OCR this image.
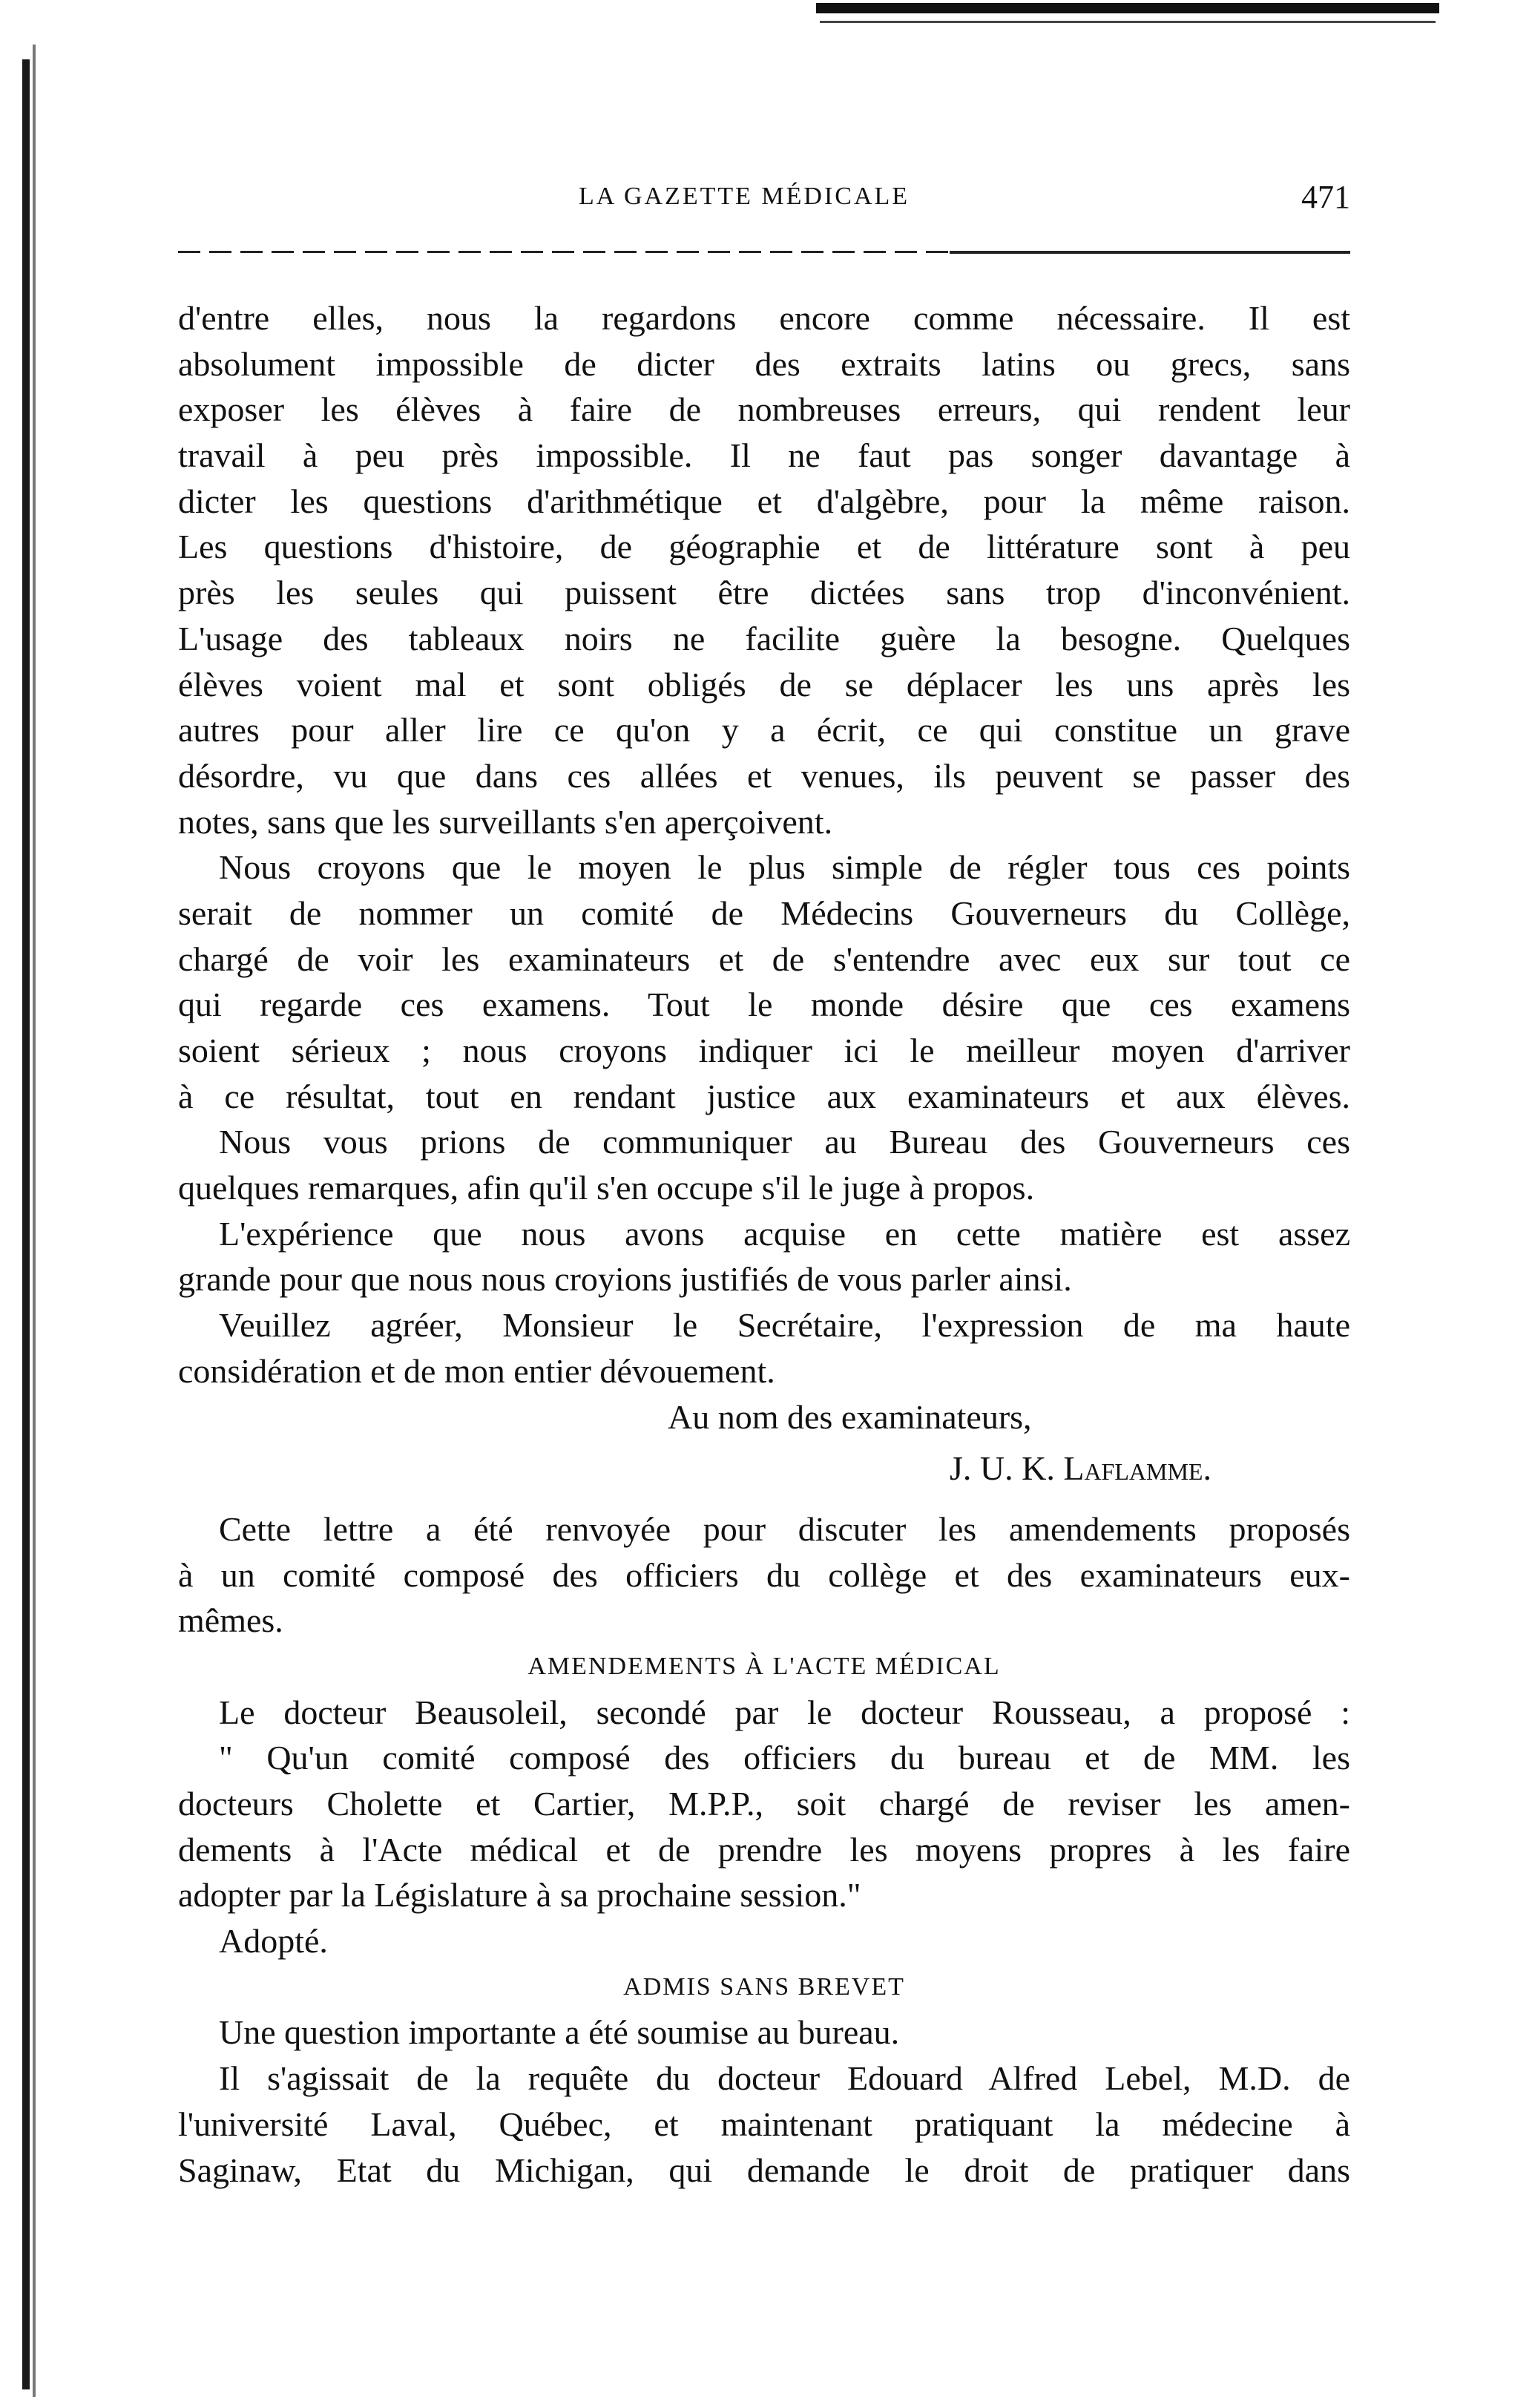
LA GAZETTE MÉDICALE	471
d'entre elles, nous la regardons encore comme nécessaire. Il est
absolument impossible de dicter des extraits latins ou grecs, sans
exposer les élèves à faire de nombreuses erreurs, qui rendent leur
travail à peu près impossible. Il ne faut pas songer davantage à
dicter les questions d'arithmétique et d'algèbre, pour la même raison.
Les questions d'histoire, de géographie et de littérature sont à peu
près les seules qui puissent être dictées sans trop d'inconvénient.
L'usage des tableaux noirs ne facilite guère la besogne. Quelques
élèves voient mal et sont obligés de se déplacer les uns après les
autres pour aller lire ce qu'on y a écrit, ce qui constitue un grave
désordre, vu que dans ces allées et venues, ils peuvent se passer des
notes, sans que les surveillants s'en aperçoivent.
Nous croyons que le moyen le plus simple de régler tous ces points
serait de nommer un comité de Médecins Gouverneurs du Collège,
chargé de voir les examinateurs et de s'entendre avec eux sur tout ce
qui regarde ces examens. Tout le monde désire que ces examens
soient sérieux ; nous croyons indiquer ici le meilleur moyen d'arriver
à ce résultat, tout en rendant justice aux examinateurs et aux élèves.
Nous vous prions de communiquer au Bureau des Gouverneurs ces
quelques remarques, afin qu'il s'en occupe s'il le juge à propos.
L'expérience que nous avons acquise en cette matière est assez
grande pour que nous nous croyions justifiés de vous parler ainsi.
Veuillez agréer, Monsieur le Secrétaire, l'expression de ma haute
considération et de mon entier dévouement.
Au nom des examinateurs,
J. U. K. Laflamme.
Cette lettre a été renvoyée pour discuter les amendements proposés
à un comité composé des officiers du collège et des examinateurs eux-
mêmes.
AMENDEMENTS À L'ACTE MÉDICAL
Le docteur Beausoleil, secondé par le docteur Rousseau, a proposé :
" Qu'un comité composé des officiers du bureau et de MM. les
docteurs Cholette et Cartier, M.P.P., soit chargé de reviser les amen-
dements à l'Acte médical et de prendre les moyens propres à les faire
adopter par la Législature à sa prochaine session."
Adopté.
ADMIS SANS BREVET
Une question importante a été soumise au bureau.
Il s'agissait de la requête du docteur Edouard Alfred Lebel, M.D. de
l'université Laval, Québec, et maintenant pratiquant la médecine à
Saginaw, Etat du Michigan, qui demande le droit de pratiquer dans
